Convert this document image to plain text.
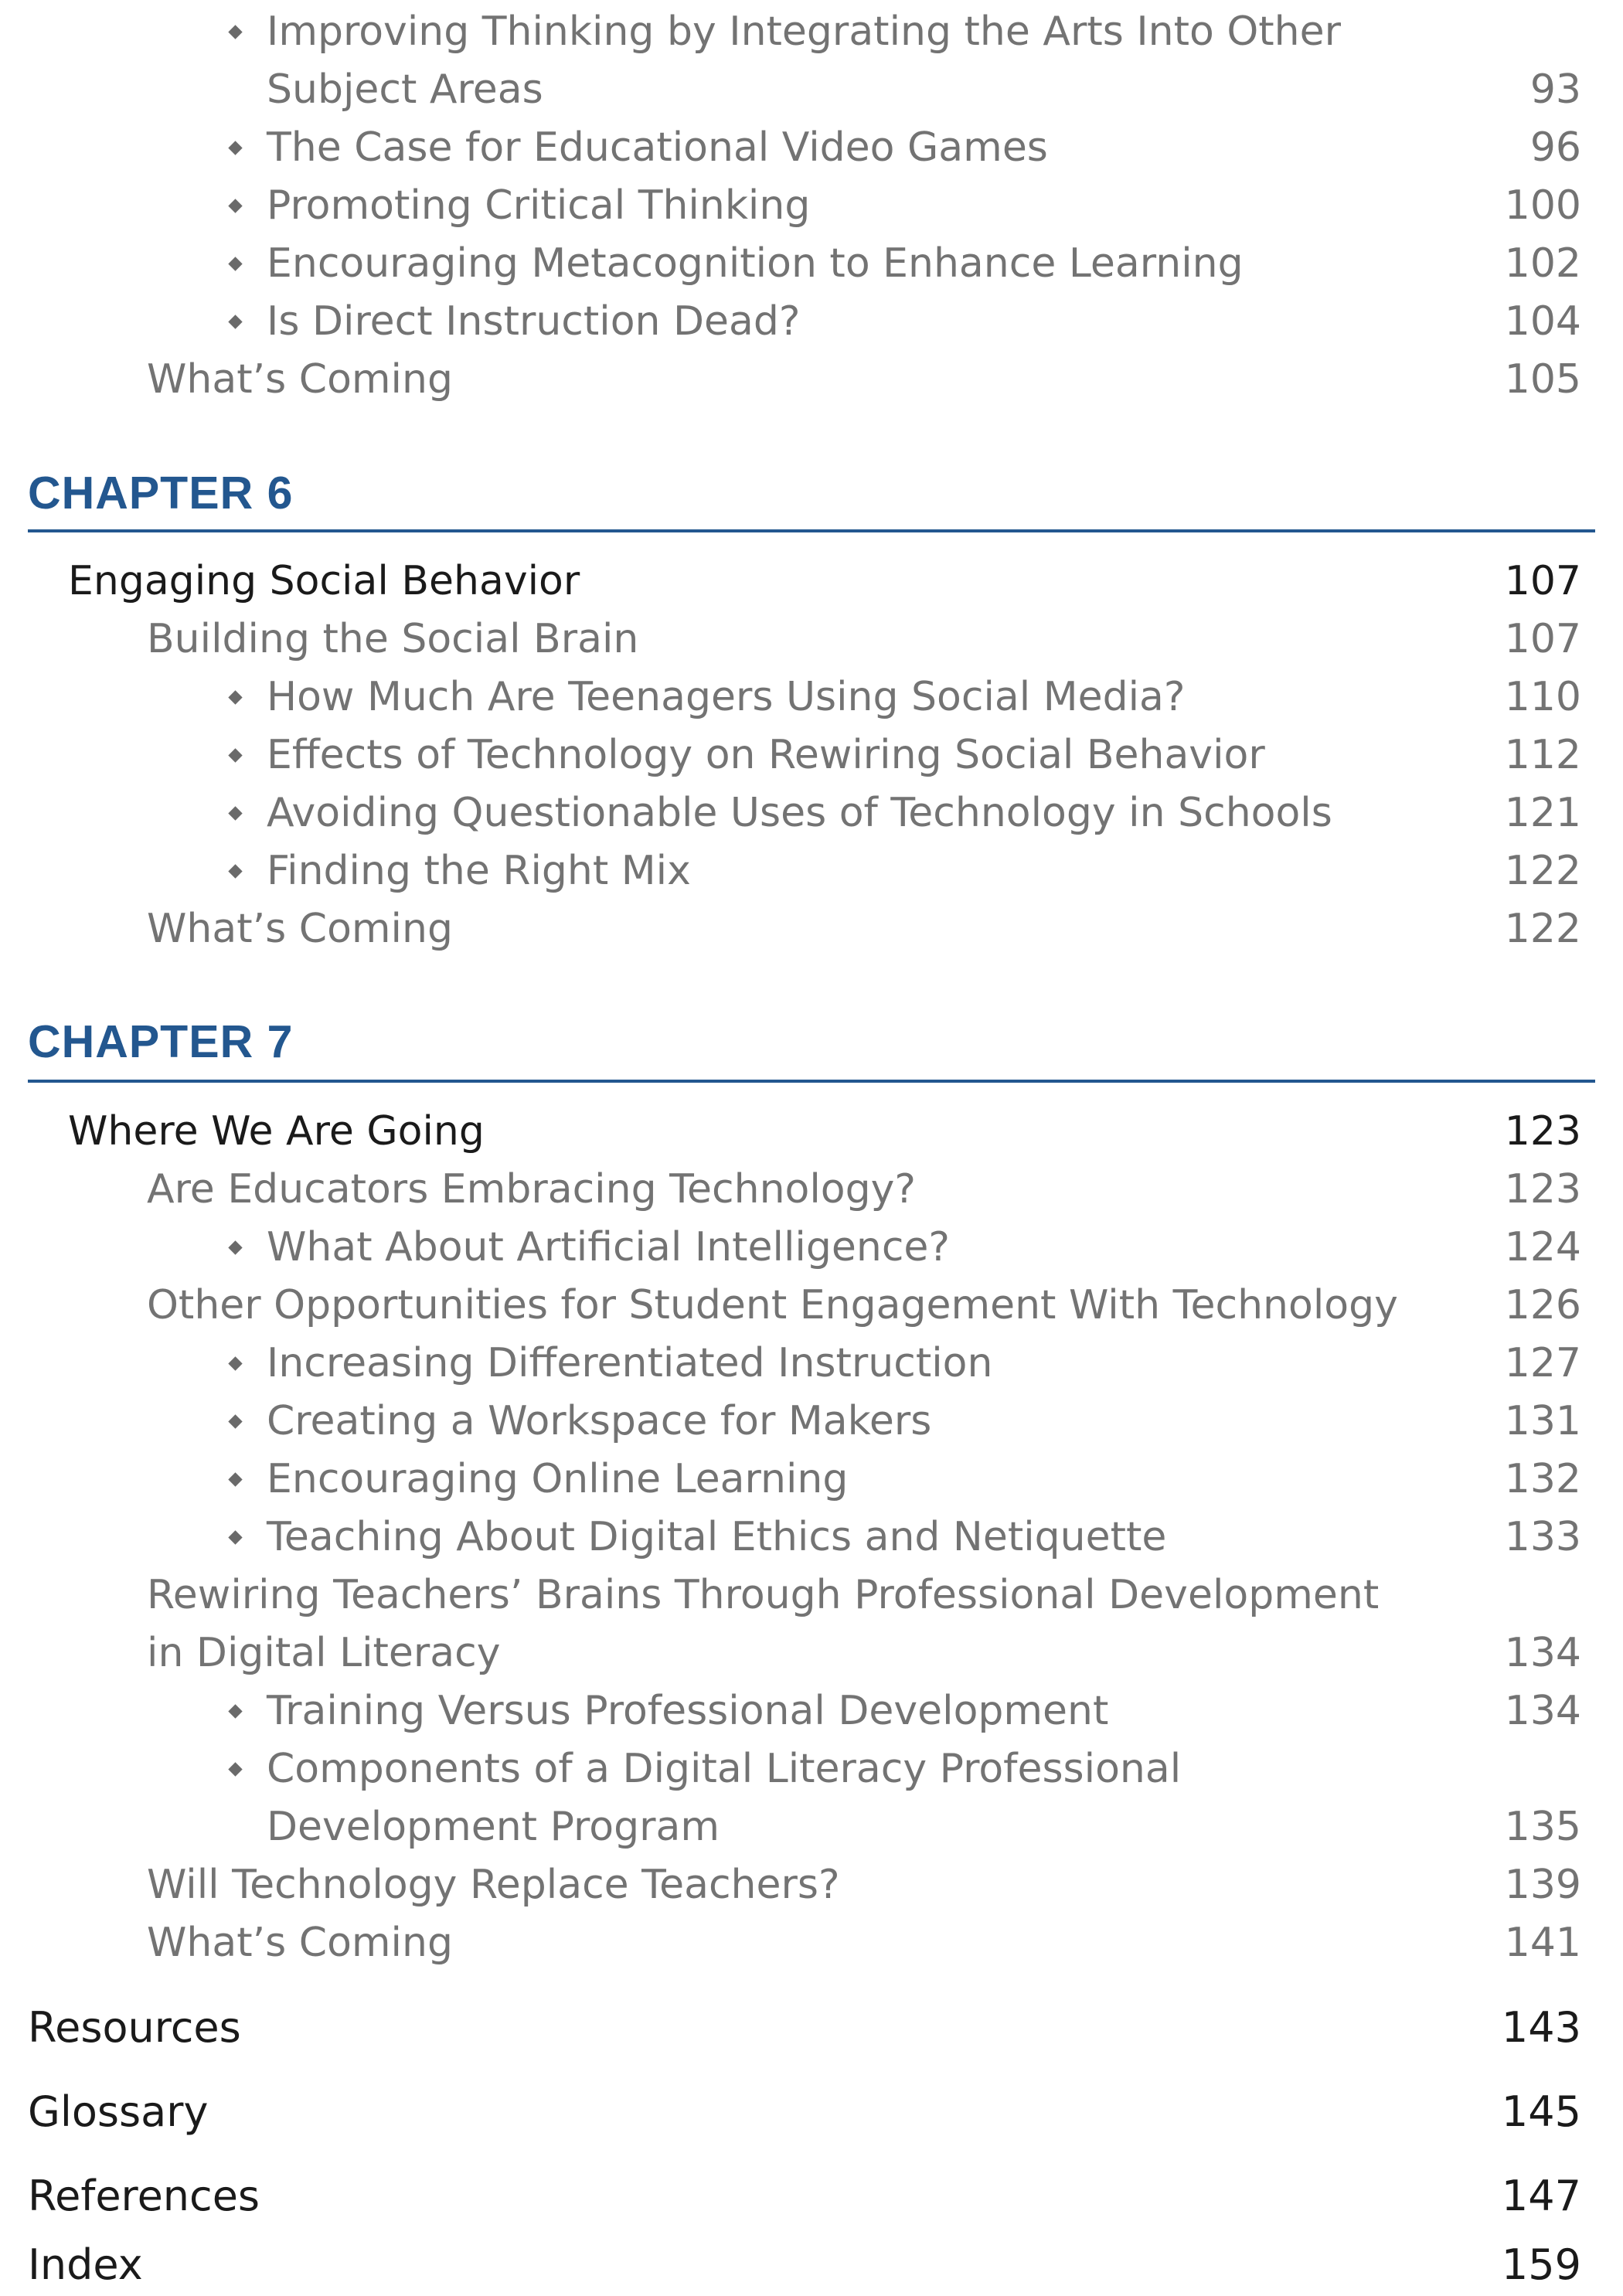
Improving Thinking by Integrating the Arts Into Other
Subject Areas	93
The Case for Educational Video Games	96
Promoting Critical Thinking	100
Encouraging Metacognition to Enhance Learning	102
Is Direct Instruction Dead?	104
What’s Coming	105
CHAPTER 6
Engaging Social Behavior	107
Building the Social Brain	107
How Much Are Teenagers Using Social Media?	110
Effects of Technology on Rewiring Social Behavior	112
Avoiding Questionable Uses of Technology in Schools	121
Finding the Right Mix	122
What’s Coming	122
CHAPTER 7
Where We Are Going	123
Are Educators Embracing Technology?	123
What About Artificial Intelligence?	124
Other Opportunities for Student Engagement With Technology	126
Increasing Differentiated Instruction	127
Creating a Workspace for Makers	131
Encouraging Online Learning	132
Teaching About Digital Ethics and Netiquette	133
Rewiring Teachers’ Brains Through Professional Development
in Digital Literacy	134
Training Versus Professional Development	134
Components of a Digital Literacy Professional
Development Program	135
Will Technology Replace Teachers?	139
What’s Coming	141
Resources	143
Glossary	145
References	147
Index	159
